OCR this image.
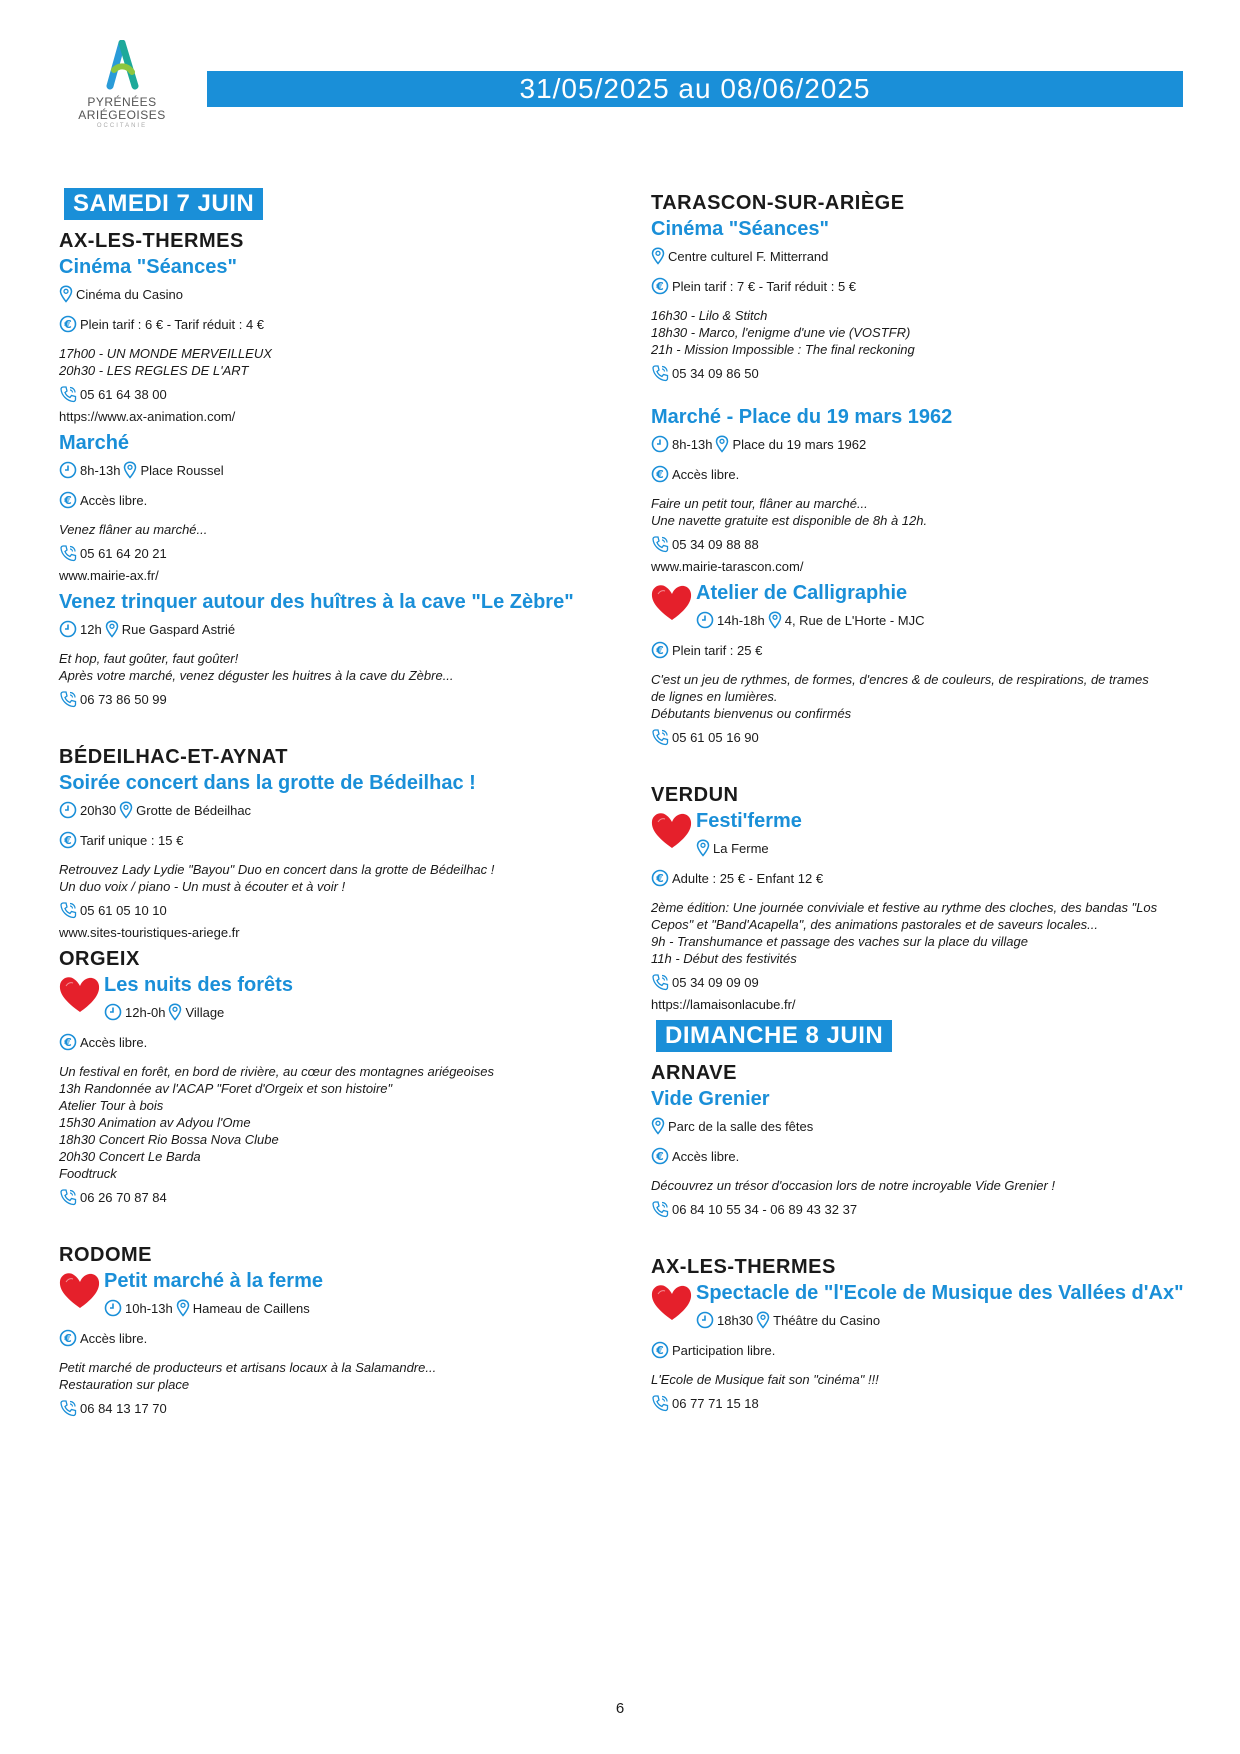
PYRÉNÉES
ARIÉGEOISES
OCCITANIE
31/05/2025 au 08/06/2025
SAMEDI 7 JUIN
AX-LES-THERMES
Cinéma "Séances"
Cinéma du Casino
€ Plein tarif : 6 € - Tarif réduit : 4 €
17h00 - UN MONDE MERVEILLEUX
20h30 - LES REGLES DE L'ART
05 61 64 38 00
https://www.ax-animation.com/
Marché
8h-13h Place Roussel
€ Accès libre.
Venez flâner au marché...
05 61 64 20 21
www.mairie-ax.fr/
Venez trinquer autour des huîtres à la cave "Le Zèbre"
12h Rue Gaspard Astrié
Et hop, faut goûter, faut goûter!
Après votre marché, venez déguster les huitres à la cave du Zèbre...
06 73 86 50 99
BÉDEILHAC-ET-AYNAT
Soirée concert dans la grotte de Bédeilhac !
20h30 Grotte de Bédeilhac
€ Tarif unique : 15 €
Retrouvez Lady Lydie "Bayou" Duo en concert dans la grotte de Bédeilhac !
Un duo voix / piano - Un must à écouter et à voir !
05 61 05 10 10
www.sites-touristiques-ariege.fr
ORGEIX
Les nuits des forêts
12h-0h Village
€ Accès libre.
Un festival en forêt, en bord de rivière, au cœur des montagnes ariégeoises
13h Randonnée av l'ACAP "Foret d'Orgeix et son histoire"
Atelier Tour à bois
15h30 Animation av Adyou l'Ome
18h30 Concert Rio Bossa Nova Clube
20h30 Concert Le Barda
Foodtruck
06 26 70 87 84
RODOME
Petit marché à la ferme
10h-13h Hameau de Caillens
€ Accès libre.
Petit marché de producteurs et artisans locaux à la Salamandre...
Restauration sur place
06 84 13 17 70
TARASCON-SUR-ARIÈGE
Cinéma "Séances"
Centre culturel F. Mitterrand
€ Plein tarif : 7 € - Tarif réduit : 5 €
16h30 - Lilo & Stitch
18h30 - Marco, l'enigme d'une vie (VOSTFR)
21h - Mission Impossible : The final reckoning
05 34 09 86 50
Marché - Place du 19 mars 1962
8h-13h Place du 19 mars 1962
€ Accès libre.
Faire un petit tour, flâner au marché...
Une navette gratuite est disponible de 8h à 12h.
05 34 09 88 88
www.mairie-tarascon.com/
Atelier de Calligraphie
14h-18h 4, Rue de L'Horte - MJC
€ Plein tarif : 25 €
C'est un jeu de rythmes, de formes, d'encres & de couleurs, de respirations, de trames
de lignes en lumières.
Débutants bienvenus ou confirmés
05 61 05 16 90
VERDUN
Festi'ferme
La Ferme
€ Adulte : 25 € - Enfant 12 €
2ème édition: Une journée conviviale et festive au rythme des cloches, des bandas "Los
Cepos" et "Band'Acapella", des animations pastorales et de saveurs locales...
9h - Transhumance et passage des vaches sur la place du village
11h - Début des festivités
05 34 09 09 09
https://lamaisonlacube.fr/
DIMANCHE 8 JUIN
ARNAVE
Vide Grenier
Parc de la salle des fêtes
€ Accès libre.
Découvrez un trésor d'occasion lors de notre incroyable Vide Grenier !
06 84 10 55 34 - 06 89 43 32 37
AX-LES-THERMES
Spectacle de "l'Ecole de Musique des Vallées d'Ax"
18h30 Théâtre du Casino
€ Participation libre.
L'Ecole de Musique fait son "cinéma" !!!
06 77 71 15 18
6
